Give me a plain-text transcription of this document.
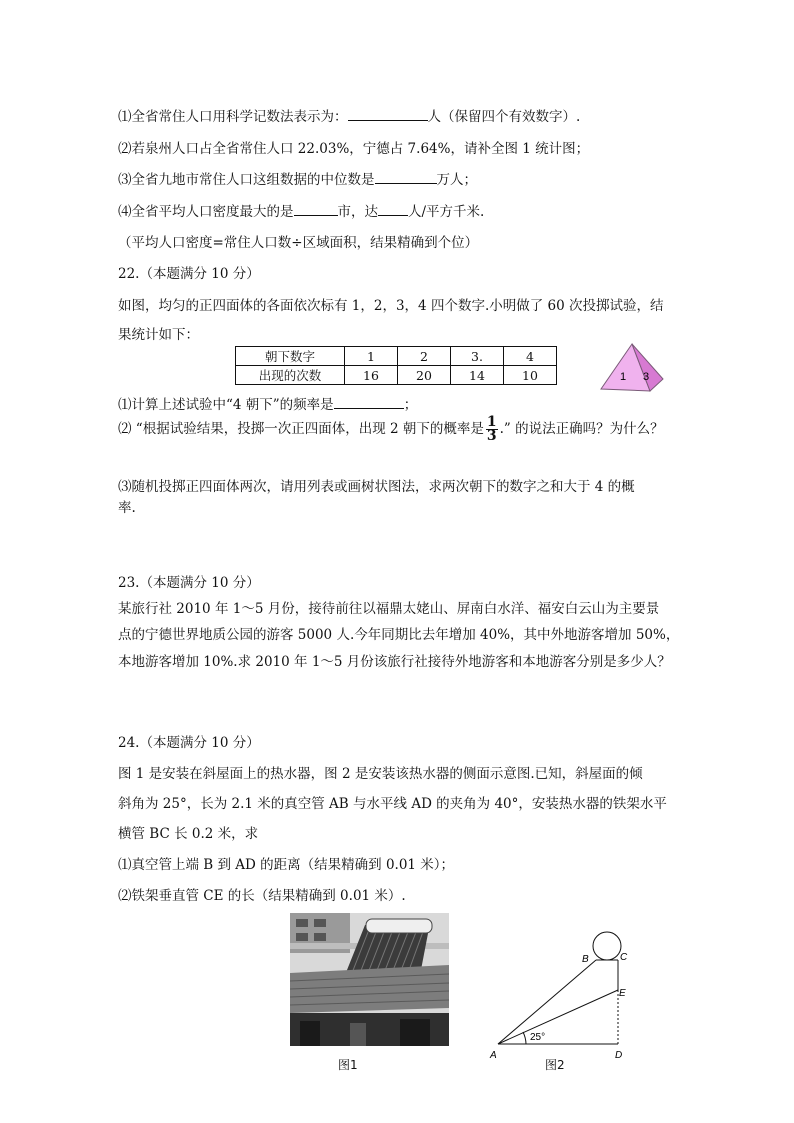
⑴全省常住人口用科学记数法表示为：	人（保留四个有效数字）.
⑵若泉州人口占全省常住人口 22.03%，宁德占 7.64%，请补全图 1 统计图；
⑶全省九地市常住人口这组数据的中位数是	万人；
⑷全省平均人口密度最大的是	市，达 人/平方千米.
（平均人口密度=常住人口数÷区域面积，结果精确到个位）
22.（本题满分 10 分）
如图，均匀的正四面体的各面依次标有 1，2，3，4 四个数字.小明做了 60 次投掷试验，结
果统计如下：
朝下数字	1	2	3.	4
出现的次数	16	20	14	10	1 3
⑴计算上述试验中“4 朝下”的频率是	；
⑵ “根据试验结果，投掷一次正四面体，出现 2 朝下的概率是 $\frac{1}{3}$ .” 的说法正确吗？为什么？
⑶随机投掷正四面体两次，请用列表或画树状图法，求两次朝下的数字之和大于 4 的概
率.
23.（本题满分 10 分）
某旅行社 2010 年 1～5 月份，接待前往以福鼎太姥山、屏南白水洋、福安白云山为主要景
点的宁德世界地质公园的游客 5000 人.今年同期比去年增加 40%，其中外地游客增加 50%，
本地游客增加 10%.求 2010 年 1～5 月份该旅行社接待外地游客和本地游客分别是多少人？
24.（本题满分 10 分）
图 1 是安装在斜屋面上的热水器，图 2 是安装该热水器的侧面示意图.已知，斜屋面的倾
斜角为 25°，长为 2.1 米的真空管 AB 与水平线 AD 的夹角为 40°，安装热水器的铁架水平
横管 BC 长 0.2 米，求
⑴真空管上端 B 到 AD 的距离（结果精确到 0.01 米）；
⑵铁架垂直管 CE 的长（结果精确到 0.01 米）.
图1
25°
A
B	C
D
E
图2
